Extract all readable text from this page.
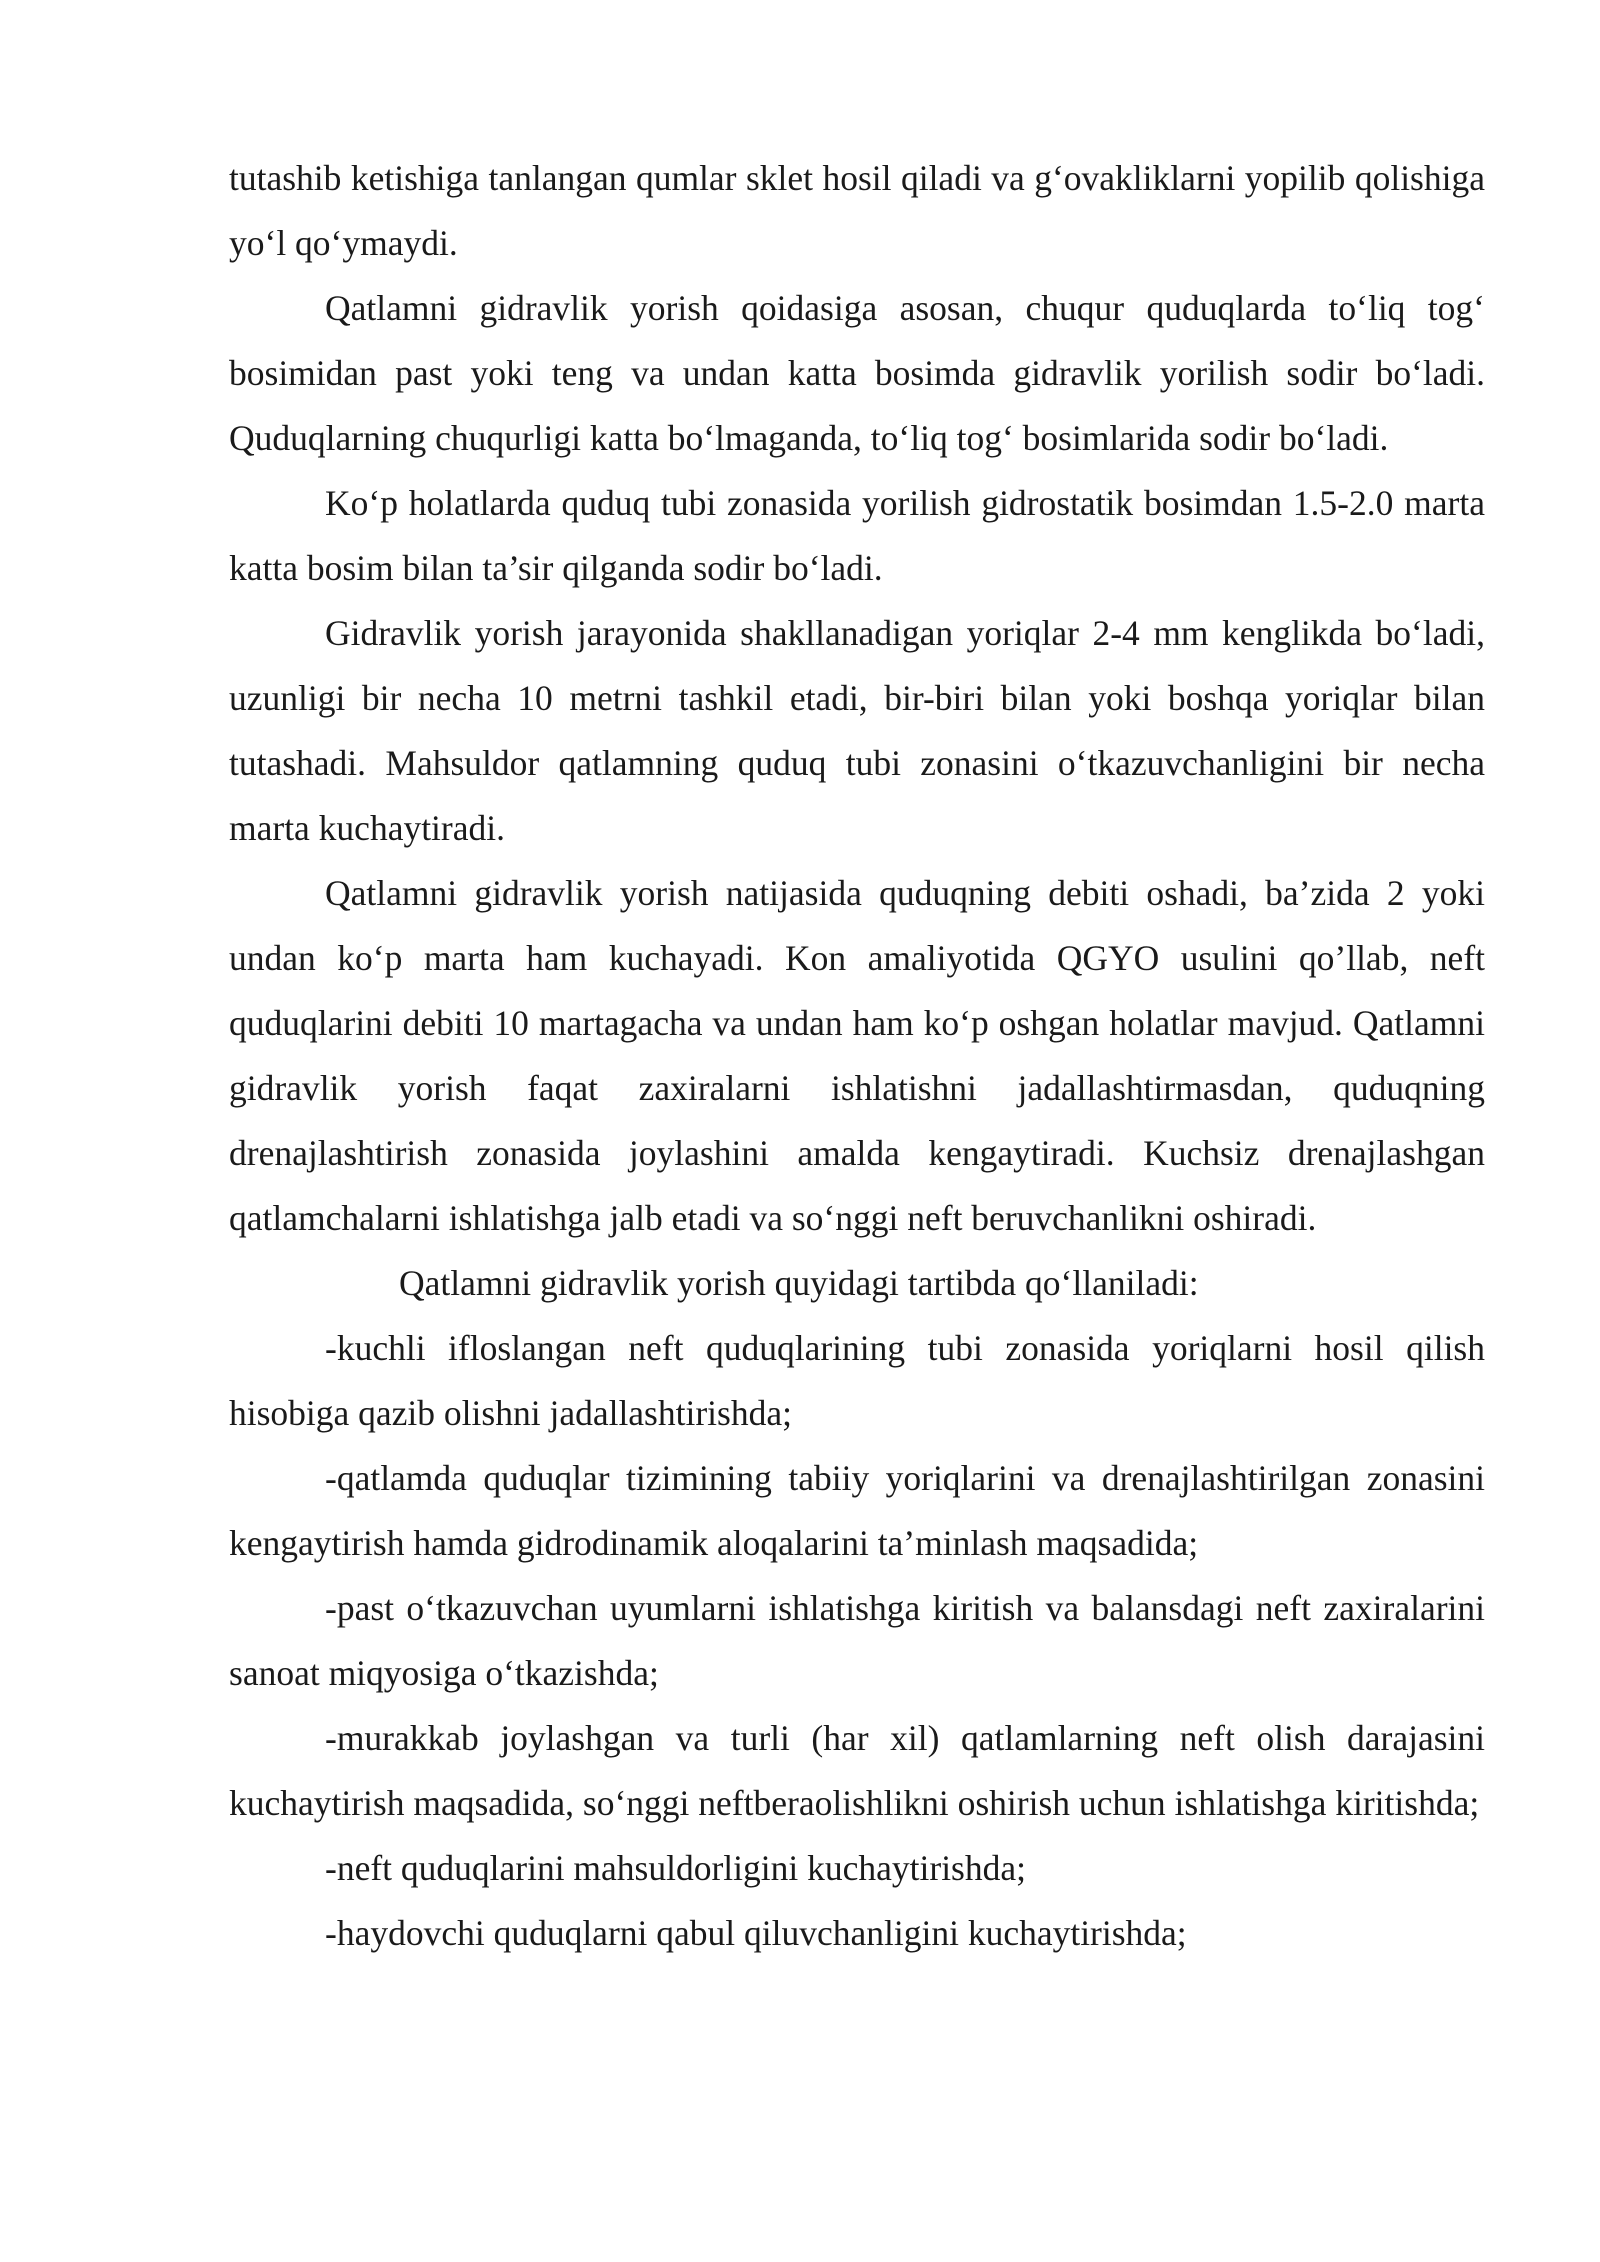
tutashib ketishiga tanlangan qumlar sklet hosil qiladi va g‘ovakliklarni yopilib qolishiga yo‘l qo‘ymaydi.

Qatlamni gidravlik yorish qoidasiga asosan, chuqur quduqlarda to‘liq tog‘ bosimidan past yoki teng va undan katta bosimda gidravlik yorilish sodir bo‘ladi. Quduqlarning chuqurligi katta bo‘lmaganda, to‘liq tog‘ bosimlarida sodir bo‘ladi.

Ko‘p holatlarda quduq tubi zonasida yorilish gidrostatik bosimdan 1.5-2.0 marta katta bosim bilan ta’sir qilganda sodir bo‘ladi.

Gidravlik yorish jarayonida shakllanadigan yoriqlar 2-4 mm kenglikda bo‘ladi, uzunligi bir necha 10 metrni tashkil etadi, bir-biri bilan yoki boshqa yoriqlar bilan tutashadi. Mahsuldor qatlamning quduq tubi zonasini o‘tkazuvchanligini bir necha marta kuchaytiradi.

Qatlamni gidravlik yorish natijasida quduqning debiti oshadi, ba’zida 2 yoki undan ko‘p marta ham kuchayadi. Kon amaliyotida QGYO usulini qo’llab, neft quduqlarini debiti 10 martagacha va undan ham ko‘p oshgan holatlar mavjud. Qatlamni gidravlik yorish faqat zaxiralarni ishlatishni jadallashtirmasdan, quduqning drenajlashtirish zonasida joylashini amalda kengaytiradi. Kuchsiz drenajlashgan qatlamchalarni ishlatishga jalb etadi va so‘nggi neft beruvchanlikni oshiradi.

Qatlamni gidravlik yorish quyidagi tartibda qo‘llaniladi:

-kuchli ifloslangan neft quduqlarining tubi zonasida yoriqlarni hosil qilish hisobiga qazib olishni jadallashtirishda;

-qatlamda quduqlar tizimining tabiiy yoriqlarini va drenajlashtirilgan zonasini kengaytirish hamda gidrodinamik aloqalarini ta’minlash maqsadida;

-past o‘tkazuvchan uyumlarni ishlatishga kiritish va balansdagi neft zaxiralarini sanoat miqyosiga o‘tkazishda;

-murakkab joylashgan va turli (har xil) qatlamlarning neft olish darajasini kuchaytirish maqsadida, so‘nggi neftberaolishlikni oshirish uchun ishlatishga kiritishda;

-neft quduqlarini mahsuldorligini kuchaytirishda;

-haydovchi quduqlarni qabul qiluvchanligini kuchaytirishda;
